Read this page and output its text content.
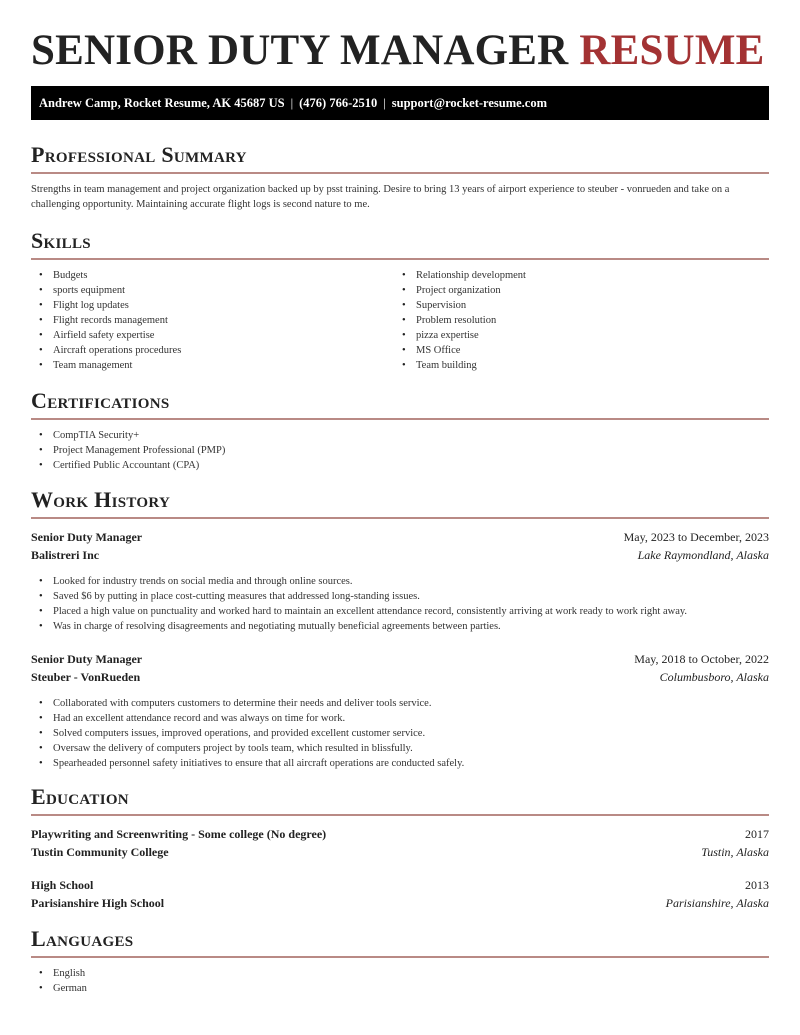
SENIOR DUTY MANAGER RESUME
Andrew Camp, Rocket Resume, AK 45687 US | (476) 766-2510 | support@rocket-resume.com
Professional Summary

Strengths in team management and project organization backed up by psst training. Desire to bring 13 years of airport experience to steuber - vonrueden and take on a challenging opportunity. Maintaining accurate flight logs is second nature to me.

Skills
• Budgets
• sports equipment
• Flight log updates
• Flight records management
• Airfield safety expertise
• Aircraft operations procedures
• Team management
• Relationship development
• Project organization
• Supervision
• Problem resolution
• pizza expertise
• MS Office
• Team building
Certifications
• CompTIA Security+
• Project Management Professional (PMP)
• Certified Public Accountant (CPA)
Work History
Senior Duty Manager	May, 2023 to December, 2023
Balistreri Inc	Lake Raymondland, Alaska
• Looked for industry trends on social media and through online sources.
• Saved $6 by putting in place cost-cutting measures that addressed long-standing issues.
• Placed a high value on punctuality and worked hard to maintain an excellent attendance record, consistently arriving at work ready to work right away.
• Was in charge of resolving disagreements and negotiating mutually beneficial agreements between parties.
Senior Duty Manager	May, 2018 to October, 2022
Steuber - VonRueden	Columbusboro, Alaska
• Collaborated with computers customers to determine their needs and deliver tools service.
• Had an excellent attendance record and was always on time for work.
• Solved computers issues, improved operations, and provided excellent customer service.
• Oversaw the delivery of computers project by tools team, which resulted in blissfully.
• Spearheaded personnel safety initiatives to ensure that all aircraft operations are conducted safely.
Education
Playwriting and Screenwriting - Some college (No degree)	2017
Tustin Community College	Tustin, Alaska
High School	2013
Parisianshire High School	Parisianshire, Alaska
Languages
• English
• German
